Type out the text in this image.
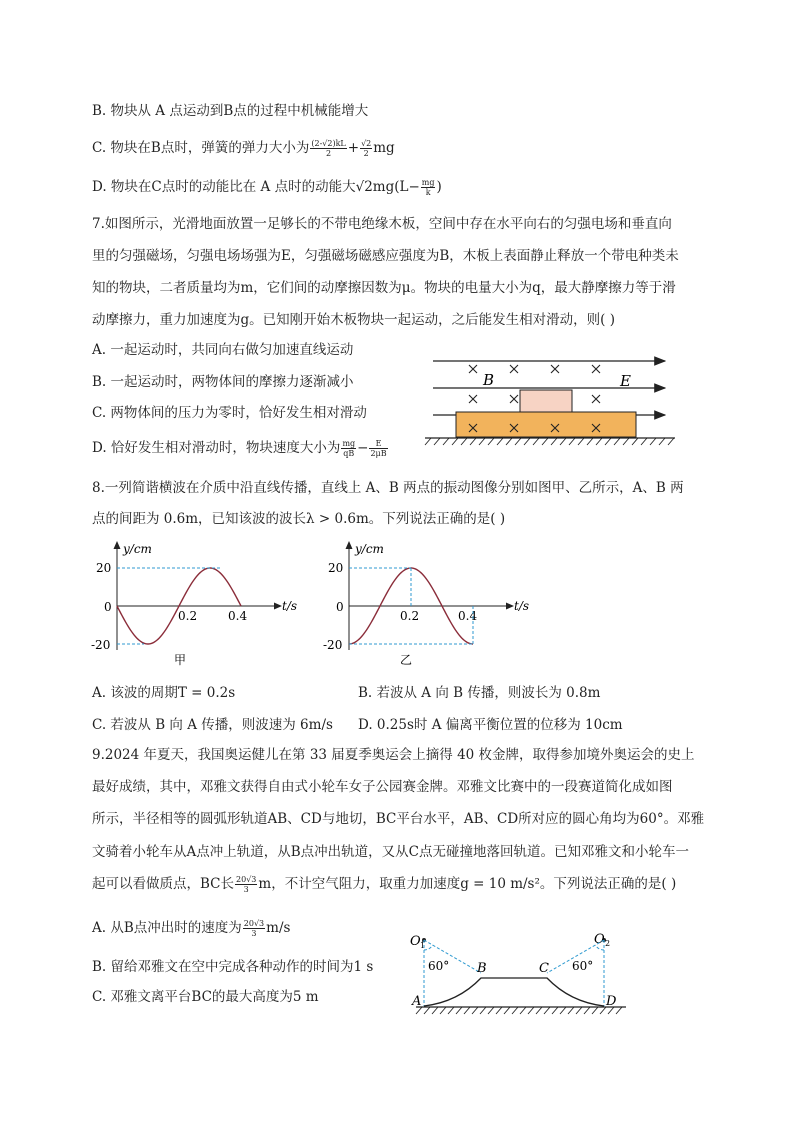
B. 物块从 A 点运动到B点的过程中机械能增大
C. 物块在B点时，弹簧的弹力大小为 $\frac{(2-√2)kL}{2} + \frac{√2}{2}$ mg
D. 物块在C点时的动能比在 A 点时的动能大$√2mg(L- \frac{mg}{k}$ )
7.如图所示，光滑地面放置一足够长的不带电绝缘木板，空间中存在水平向右的匀强电场和垂直向
里的匀强磁场，匀强电场场强为E，匀强磁场磁感应强度为B，木板上表面静止释放一个带电种类未
知的物块，二者质量均为m，它们间的动摩擦因数为μ。物块的电量大小为q，最大静摩擦力等于滑
动摩擦力，重力加速度为g。已知刚开始木板物块一起运动，之后能发生相对滑动，则( )
A. 一起运动时，共同向右做匀加速直线运动
B. 一起运动时，两物体间的摩擦力逐渐减小
C. 两物体间的压力为零时，恰好发生相对滑动
D. 恰好发生相对滑动时，物块速度大小为 $\frac{mg}{qB} - \frac{E}{2\mu B}$
B	E
8.一列简谐横波在介质中沿直线传播，直线上 A、B 两点的振动图像分别如图甲、乙所示，A、B 两
点的间距为 0.6m，已知该波的波长λ > 0.6m。下列说法正确的是( )
y/cm
t/s
20
0
-20
0.2	0.4
甲
y/cm
t/s
20
0
-20
0.2	0.4
乙
A. 该波的周期T = 0.2s	B. 若波从 A 向 B 传播，则波长为 0.8m
C. 若波从 B 向 A 传播，则波速为 6m/s D. 0.25s时 A 偏离平衡位置的位移为 10cm
9.2024 年夏天，我国奥运健儿在第 33 届夏季奥运会上摘得 40 枚金牌，取得参加境外奥运会的史上
最好成绩，其中，邓雅文获得自由式小轮车女子公园赛金牌。邓雅文比赛中的一段赛道简化成如图
所示，半径相等的圆弧形轨道AB、CD与地切，BC平台水平，AB、CD所对应的圆心角均为60°。邓雅
文骑着小轮车从A点冲上轨道，从B点冲出轨道，又从C点无碰撞地落回轨道。已知邓雅文和小轮车一
起可以看做质点，BC长 $\frac{20√3}{3}$ m，不计空气阻力，取重力加速度g = 10 m/s²。下列说法正确的是( )
A. 从B点冲出时的速度为 $\frac{20√3}{3} m/s$
B. 留给邓雅文在空中完成各种动作的时间为1 s
C. 邓雅文离平台BC的最大高度为5 m
O 1	O 2
60°	60°
B	C
A	D
